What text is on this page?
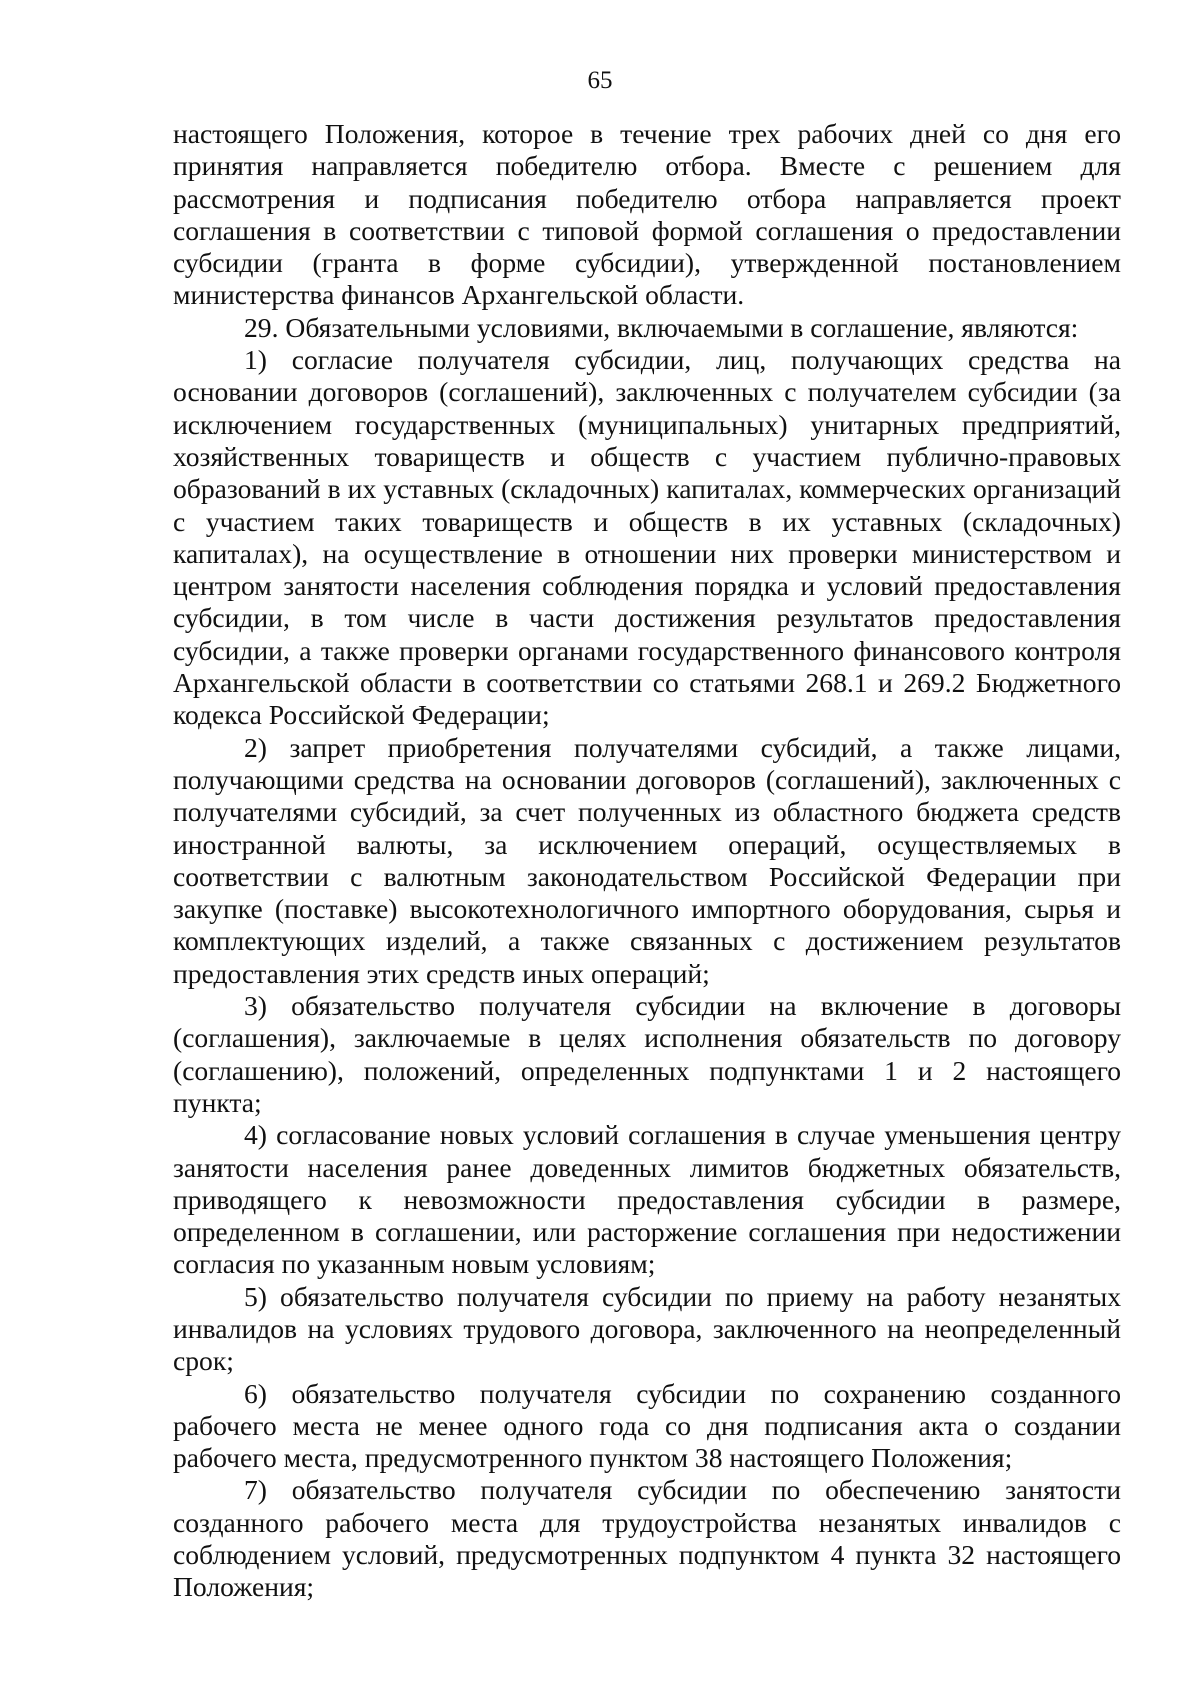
65

настоящего Положения, которое в течение трех рабочих дней со дня его принятия направляется победителю отбора. Вместе с решением для рассмотрения и подписания победителю отбора направляется проект соглашения в соответствии с типовой формой соглашения о предоставлении субсидии (гранта в форме субсидии), утвержденной постановлением министерства финансов Архангельской области.

29. Обязательными условиями, включаемыми в соглашение, являются:

1) согласие получателя субсидии, лиц, получающих средства на основании договоров (соглашений), заключенных с получателем субсидии (за исключением государственных (муниципальных) унитарных предприятий, хозяйственных товариществ и обществ с участием публично-правовых образований в их уставных (складочных) капиталах, коммерческих организаций с участием таких товариществ и обществ в их уставных (складочных) капиталах), на осуществление в отношении них проверки министерством и центром занятости населения соблюдения порядка и условий предоставления субсидии, в том числе в части достижения результатов предоставления субсидии, а также проверки органами государственного финансового контроля Архангельской области в соответствии со статьями 268.1 и 269.2 Бюджетного кодекса Российской Федерации;

2) запрет приобретения получателями субсидий, а также лицами, получающими средства на основании договоров (соглашений), заключенных с получателями субсидий, за счет полученных из областного бюджета средств иностранной валюты, за исключением операций, осуществляемых в соответствии с валютным законодательством Российской Федерации при закупке (поставке) высокотехнологичного импортного оборудования, сырья и комплектующих изделий, а также связанных с достижением результатов предоставления этих средств иных операций;

3) обязательство получателя субсидии на включение в договоры (соглашения), заключаемые в целях исполнения обязательств по договору (соглашению), положений, определенных подпунктами 1 и 2 настоящего пункта;

4) согласование новых условий соглашения в случае уменьшения центру занятости населения ранее доведенных лимитов бюджетных обязательств, приводящего к невозможности предоставления субсидии в размере, определенном в соглашении, или расторжение соглашения при недостижении согласия по указанным новым условиям;

5) обязательство получателя субсидии по приему на работу незанятых инвалидов на условиях трудового договора, заключенного на неопределенный срок;

6) обязательство получателя субсидии по сохранению созданного рабочего места не менее одного года со дня подписания акта о создании рабочего места, предусмотренного пунктом 38 настоящего Положения;

7) обязательство получателя субсидии по обеспечению занятости созданного рабочего места для трудоустройства незанятых инвалидов с соблюдением условий, предусмотренных подпунктом 4 пункта 32 настоящего Положения;
